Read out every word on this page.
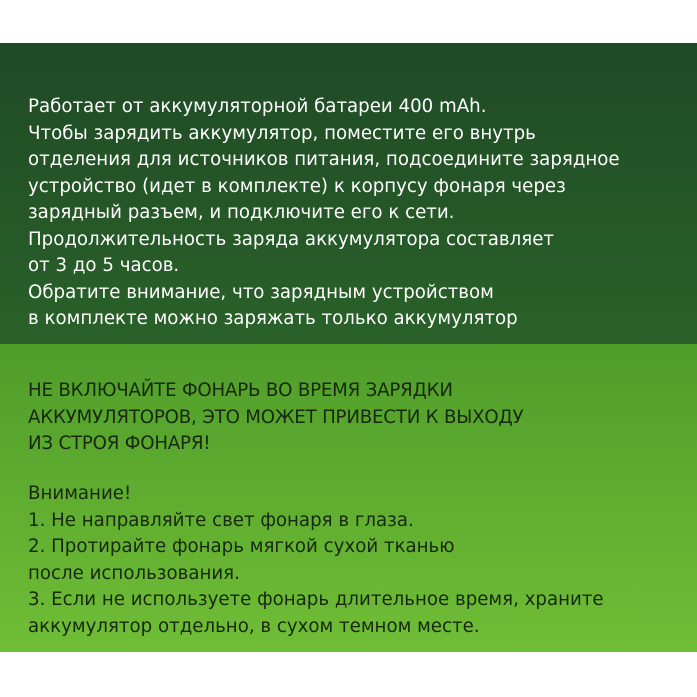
Работает от аккумуляторной батареи 400 mAh.
Чтобы зарядить аккумулятор, поместите его внутрь
отделения для источников питания, подсоедините зарядное
устройство (идет в комплекте) к корпусу фонаря через
зарядный разъем, и подключите его к сети.
Продолжительность заряда аккумулятора составляет
от 3 до 5 часов.
Обратите внимание, что зарядным устройством
в комплекте можно заряжать только аккумулятор

НЕ ВКЛЮЧАЙТЕ ФОНАРЬ ВО ВРЕМЯ ЗАРЯДКИ
АККУМУЛЯТОРОВ, ЭТО МОЖЕТ ПРИВЕСТИ К ВЫХОДУ
ИЗ СТРОЯ ФОНАРЯ!

Внимание!
1. Не направляйте свет фонаря в глаза.
2. Протирайте фонарь мягкой сухой тканью
после использования.
3. Если не используете фонарь длительное время, храните
аккумулятор отдельно, в сухом темном месте.
